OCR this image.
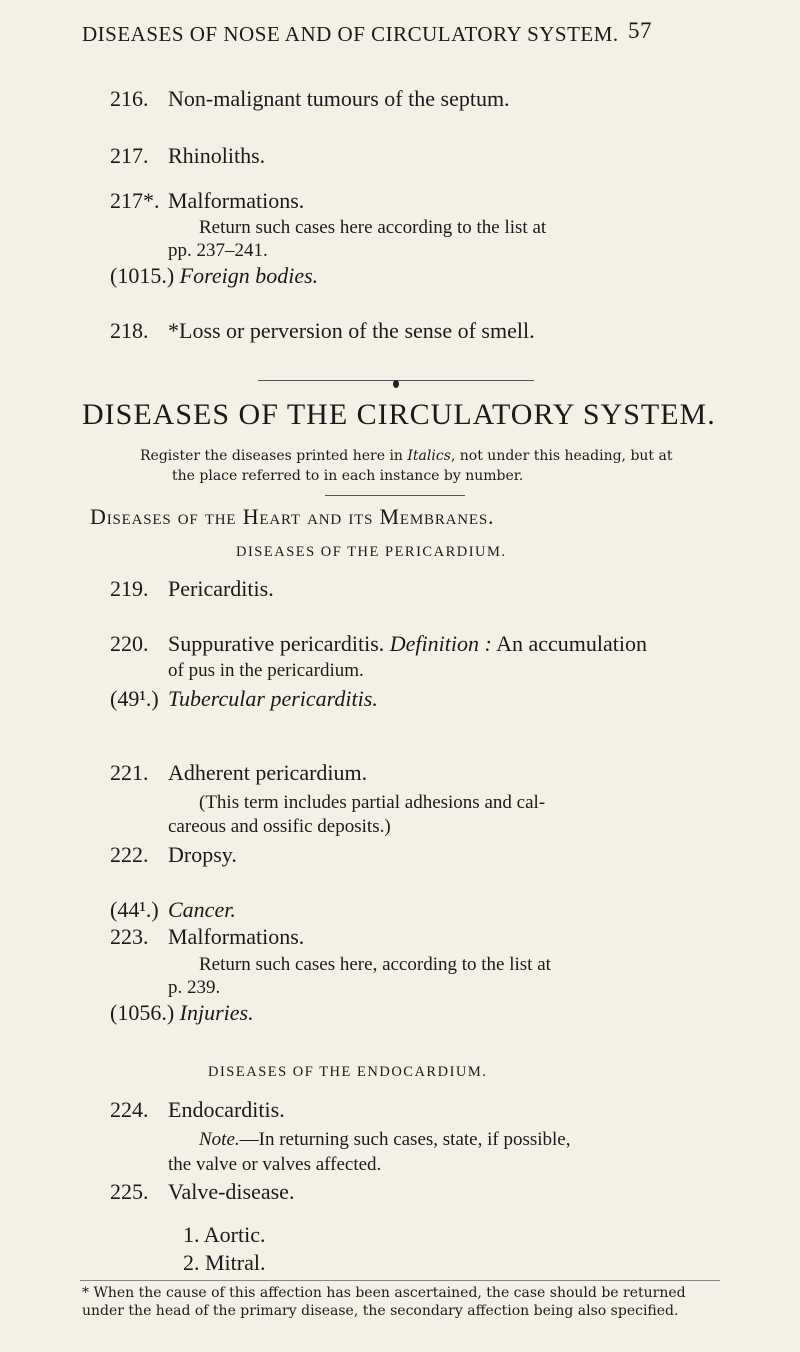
DISEASES OF NOSE AND OF CIRCULATORY SYSTEM. 57
216. Non-malignant tumours of the septum.
217. Rhinoliths.
217*. Malformations.
Return such cases here according to the list at
pp. 237–241.
(1015.) Foreign bodies.
218. *Loss or perversion of the sense of smell.
DISEASES OF THE CIRCULATORY SYSTEM.
Register the diseases printed here in Italics, not under this heading, but at
the place referred to in each instance by number.
Diseases of the Heart and its Membranes.
DISEASES OF THE PERICARDIUM.
219. Pericarditis.
220. Suppurative pericarditis. Definition : An accumulation
of pus in the pericardium.
(49¹.) Tubercular pericarditis.
221. Adherent pericardium.
(This term includes partial adhesions and cal-
careous and ossific deposits.)
222. Dropsy.
(44¹.) Cancer.
223. Malformations.
Return such cases here, according to the list at
p. 239.
(1056.) Injuries.
DISEASES OF THE ENDOCARDIUM.
224. Endocarditis.
Note.—In returning such cases, state, if possible,
the valve or valves affected.
225. Valve-disease.
1. Aortic.
2. Mitral.
* When the cause of this affection has been ascertained, the case should be returned under the head of the primary disease, the secondary affection being also specified.
